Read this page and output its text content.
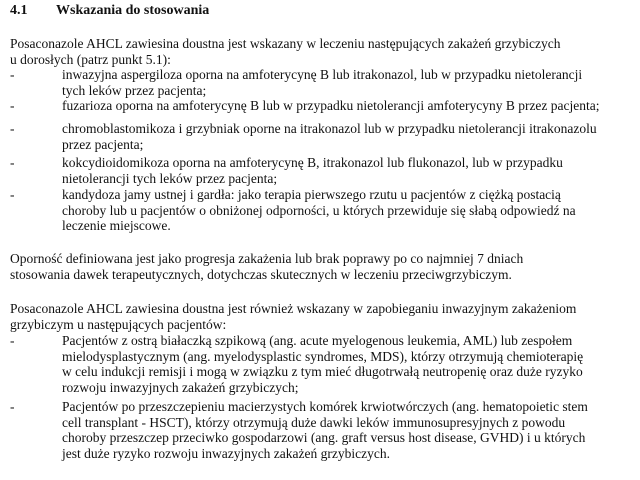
4.1 Wskazania do stosowania
Posaconazole AHCL zawiesina doustna jest wskazany w leczeniu następujących zakażeń grzybiczych
u dorosłych (patrz punkt 5.1):
-	inwazyjna aspergiloza oporna na amfoterycynę B lub itrakonazol, lub w przypadku nietolerancji
tych leków przez pacjenta;
-	fuzarioza oporna na amfoterycynę B lub w przypadku nietolerancji amfoterycyny B przez pacjenta;
-	chromoblastomikoza i grzybniak oporne na itrakonazol lub w przypadku nietolerancji itrakonazolu
przez pacjenta;
-	kokcydioidomikoza oporna na amfoterycynę B, itrakonazol lub flukonazol, lub w przypadku
nietolerancji tych leków przez pacjenta;
-	kandydoza jamy ustnej i gardła: jako terapia pierwszego rzutu u pacjentów z ciężką postacią
choroby lub u pacjentów o obniżonej odporności, u których przewiduje się słabą odpowiedź na
leczenie miejscowe.
Oporność definiowana jest jako progresja zakażenia lub brak poprawy po co najmniej 7 dniach
stosowania dawek terapeutycznych, dotychczas skutecznych w leczeniu przeciwgrzybiczym.
Posaconazole AHCL zawiesina doustna jest również wskazany w zapobieganiu inwazyjnym zakażeniom
grzybiczym u następujących pacjentów:
-	Pacjentów z ostrą białaczką szpikową (ang. acute myelogenous leukemia, AML) lub zespołem
mielodysplastycznym (ang. myelodysplastic syndromes, MDS), którzy otrzymują chemioterapię
w celu indukcji remisji i mogą w związku z tym mieć długotrwałą neutropenię oraz duże ryzyko
rozwoju inwazyjnych zakażeń grzybiczych;
-	Pacjentów po przeszczepieniu macierzystych komórek krwiotwórczych (ang. hematopoietic stem
cell transplant - HSCT), którzy otrzymują duże dawki leków immunosupresyjnych z powodu
choroby przeszczep przeciwko gospodarzowi (ang. graft versus host disease, GVHD) i u których
jest duże ryzyko rozwoju inwazyjnych zakażeń grzybiczych.
